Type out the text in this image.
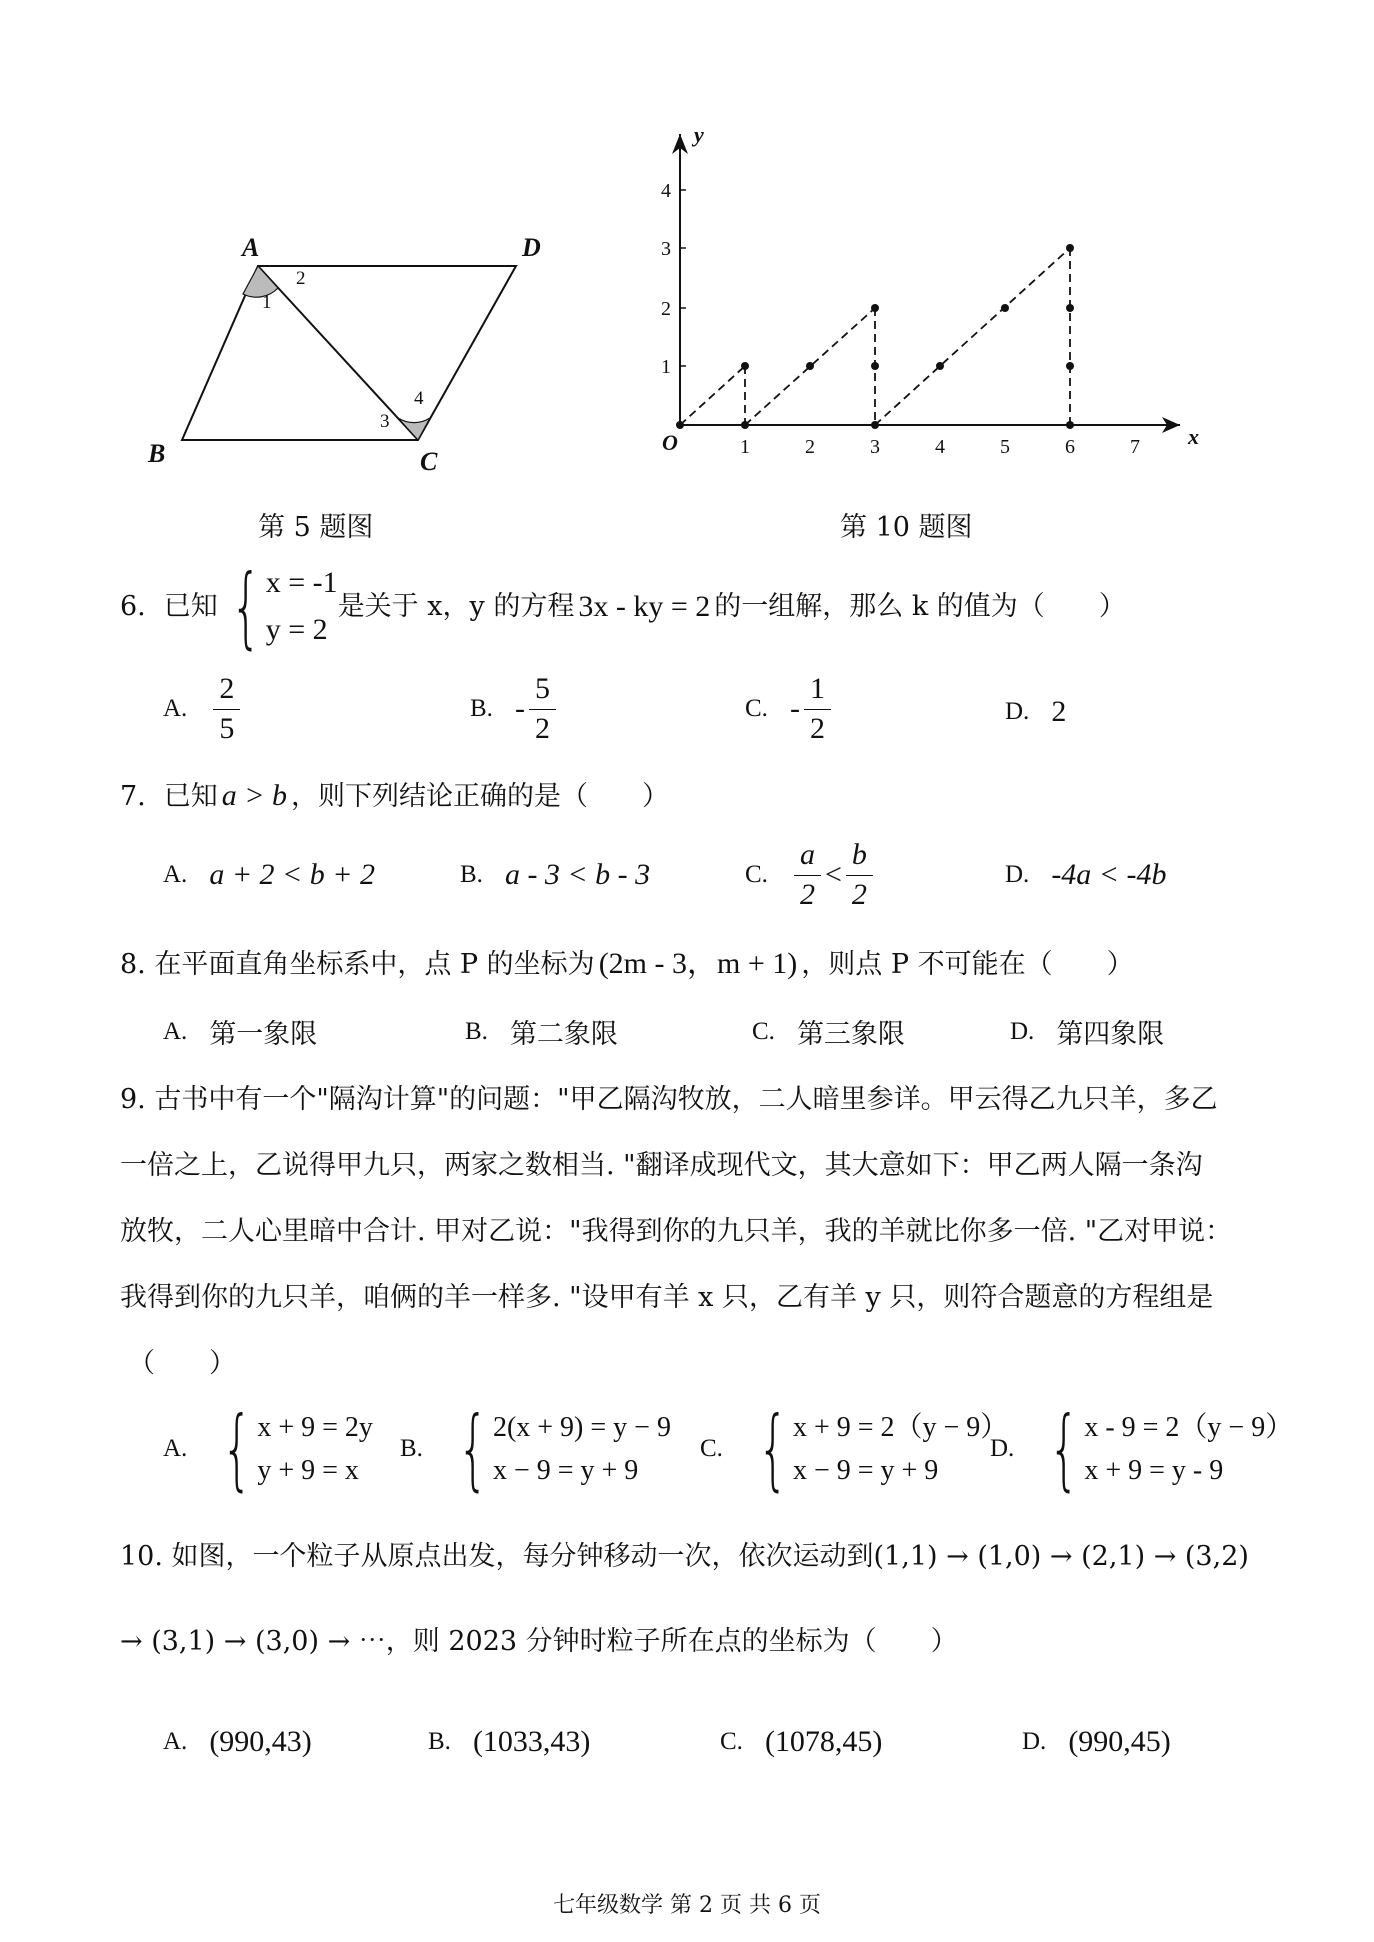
A	D
B	C
1
2
3
4
第 5 题图
1	2	3	4	5	6	7
1
2
3
4
y
x
O
第 10 题图
6. 已知 { x = -1
y = 2
是关于 x，y 的方程 3x - ky = 2 的一组解，那么 k 的值为（　　）
A. $\frac{2}{5}$	B. - $\frac{5}{2}$	C. - $\frac{1}{2}$	D. 2
7. 已知 a > b ，则下列结论正确的是（　　）
A. a + 2 < b + 2	B. a - 3 < b - 3	C. $\frac{a}{2} < \frac{b}{2}$	D. -4a < -4b
8. 在平面直角坐标系中，点 P 的坐标为 (2m - 3，m + 1) ，则点 P 不可能在（　　）
A. 第一象限	B. 第二象限	C. 第三象限	D. 第四象限
9. 古书中有一个"隔沟计算"的问题："甲乙隔沟牧放，二人暗里参详。甲云得乙九只羊，多乙
一倍之上，乙说得甲九只，两家之数相当. "翻译成现代文，其大意如下：甲乙两人隔一条沟
放牧，二人心里暗中合计. 甲对乙说："我得到你的九只羊，我的羊就比你多一倍. "乙对甲说：
我得到你的九只羊，咱俩的羊一样多. "设甲有羊 x 只，乙有羊 y 只，则符合题意的方程组是
（　　）
A. { x + 9 = 2y
y + 9 = x
B. { 2(x + 9) = y − 9
x − 9 = y + 9
C. { x + 9 = 2（y − 9）
x − 9 = y + 9
D. { x - 9 = 2（y − 9）
x + 9 = y - 9
10. 如图，一个粒子从原点出发，每分钟移动一次，依次运动到(1,1) → (1,0) → (2,1) → (3,2)
→ (3,1) → (3,0) → ⋯，则 2023 分钟时粒子所在点的坐标为（　　）
A. (990,43)	B. (1033,43)	C. (1078,45)	D. (990,45)
七年级数学 第 2 页 共 6 页
